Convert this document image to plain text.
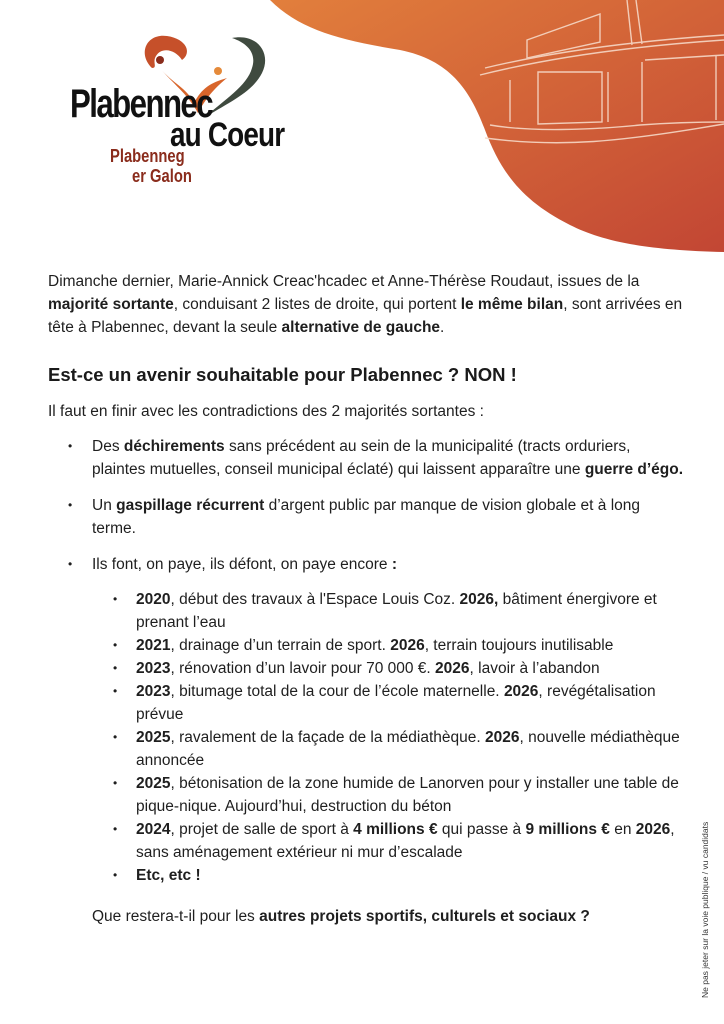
Plabennec
au Coeur
Plabenneg
er Galon

Dimanche dernier, Marie-Annick Creac'hcadec et Anne-Thérèse Roudaut, issues de la majorité sortante, conduisant 2 listes de droite, qui portent le même bilan, sont arrivées en tête à Plabennec, devant la seule alternative de gauche.

Est-ce un avenir souhaitable pour Plabennec ? NON !

Il faut en finir avec les contradictions des 2 majorités sortantes :

• Des déchirements sans précédent au sein de la municipalité (tracts orduriers, plaintes mutuelles, conseil municipal éclaté) qui laissent apparaître une guerre d’égo.
• Un gaspillage récurrent d’argent public par manque de vision globale et à long terme.
• Ils font, on paye, ils défont, on paye encore :
• 2020, début des travaux à l'Espace Louis Coz. 2026, bâtiment énergivore et prenant l’eau
• 2021, drainage d’un terrain de sport. 2026, terrain toujours inutilisable
• 2023, rénovation d’un lavoir pour 70 000 €. 2026, lavoir à l’abandon
• 2023, bitumage total de la cour de l’école maternelle. 2026, revégétalisation prévue
• 2025, ravalement de la façade de la médiathèque. 2026, nouvelle médiathèque annoncée
• 2025, bétonisation de la zone humide de Lanorven pour y installer une table de pique-nique. Aujourd’hui, destruction du béton
• 2024, projet de salle de sport à 4 millions € qui passe à 9 millions € en 2026, sans aménagement extérieur ni mur d’escalade
• Etc, etc !

Que restera-t-il pour les autres projets sportifs, culturels et sociaux ?	Ne pas jeter sur la voie publique / vu candidats
